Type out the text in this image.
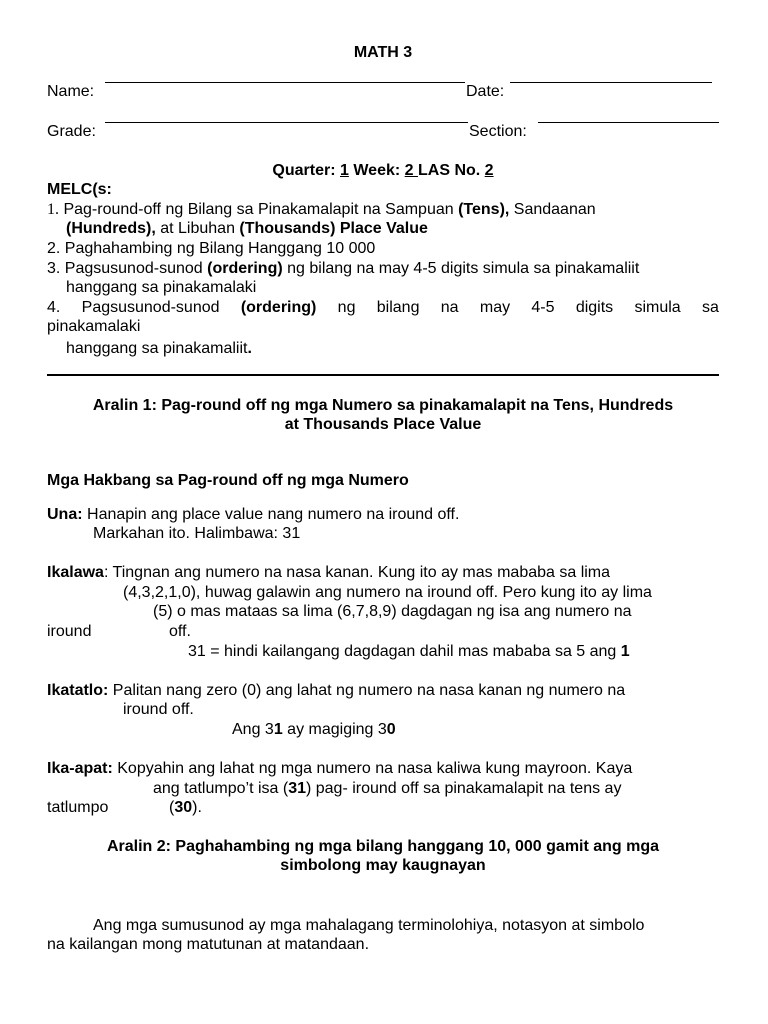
MATH 3
Name:	Date:
Grade:	Section:
Quarter: 1 Week: 2 LAS No. 2
MELC(s:
1. Pag-round-off ng Bilang sa Pinakamalapit na Sampuan (Tens), Sandaanan
(Hundreds), at Libuhan (Thousands) Place Value
2. Paghahambing ng Bilang Hanggang 10 000
3. Pagsusunod-sunod (ordering) ng bilang na may 4-5 digits simula sa pinakamaliit
hanggang sa pinakamalaki
4. Pagsusunod-sunod (ordering) ng bilang na may 4-5 digits simula sa
pinakamalaki
hanggang sa pinakamaliit.
Aralin 1: Pag-round off ng mga Numero sa pinakamalapit na Tens, Hundreds
at Thousands Place Value
Mga Hakbang sa Pag-round off ng mga Numero
Una: Hanapin ang place value nang numero na iround off.
Markahan ito. Halimbawa: 31
Ikalawa: Tingnan ang numero na nasa kanan. Kung ito ay mas mababa sa lima
(4,3,2,1,0), huwag galawin ang numero na iround off. Pero kung ito ay lima
(5) o mas mataas sa lima (6,7,8,9) dagdagan ng isa ang numero na
iround	off.
31 = hindi kailangang dagdagan dahil mas mababa sa 5 ang 1
Ikatatlo: Palitan nang zero (0) ang lahat ng numero na nasa kanan ng numero na
iround off.
Ang 31 ay magiging 30
Ika-apat: Kopyahin ang lahat ng mga numero na nasa kaliwa kung mayroon. Kaya
ang tatlumpo’t isa (31) pag- iround off sa pinakamalapit na tens ay
tatlumpo	(30).
Aralin 2: Paghahambing ng mga bilang hanggang 10, 000 gamit ang mga
simbolong may kaugnayan
Ang mga sumusunod ay mga mahalagang terminolohiya, notasyon at simbolo
na kailangan mong matutunan at matandaan.
